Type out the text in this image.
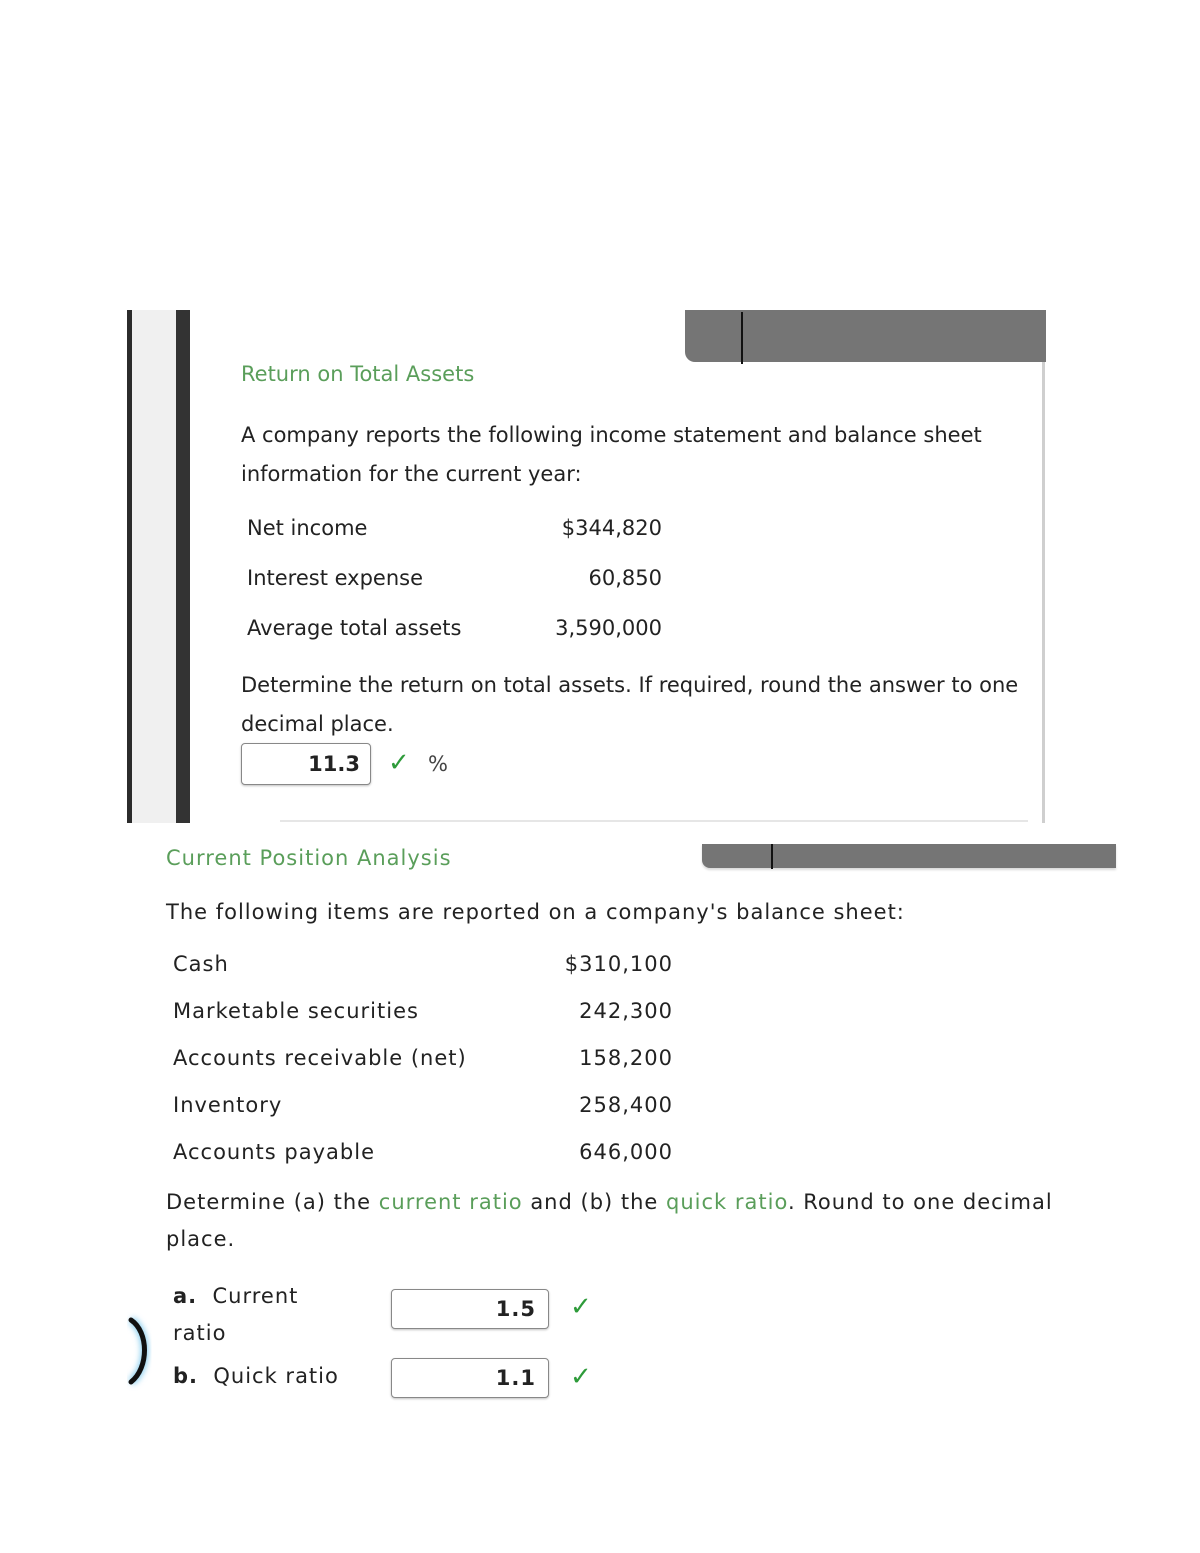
Return on Total Assets
A company reports the following income statement and balance sheet information for the current year:
Net income	$344,820
Interest expense	60,850
Average total assets	3,590,000
Determine the return on total assets. If required, round the answer to one decimal place.
11.3 ✓ %
Current Position Analysis
The following items are reported on a company's balance sheet:
Cash	$310,100
Marketable securities	242,300
Accounts receivable (net)	158,200
Inventory	258,400
Accounts payable	646,000
Determine (a) the current ratio and (b) the quick ratio. Round to one decimal place.
a. Current
ratio
1.5 ✓
b. Quick ratio	1.1 ✓
